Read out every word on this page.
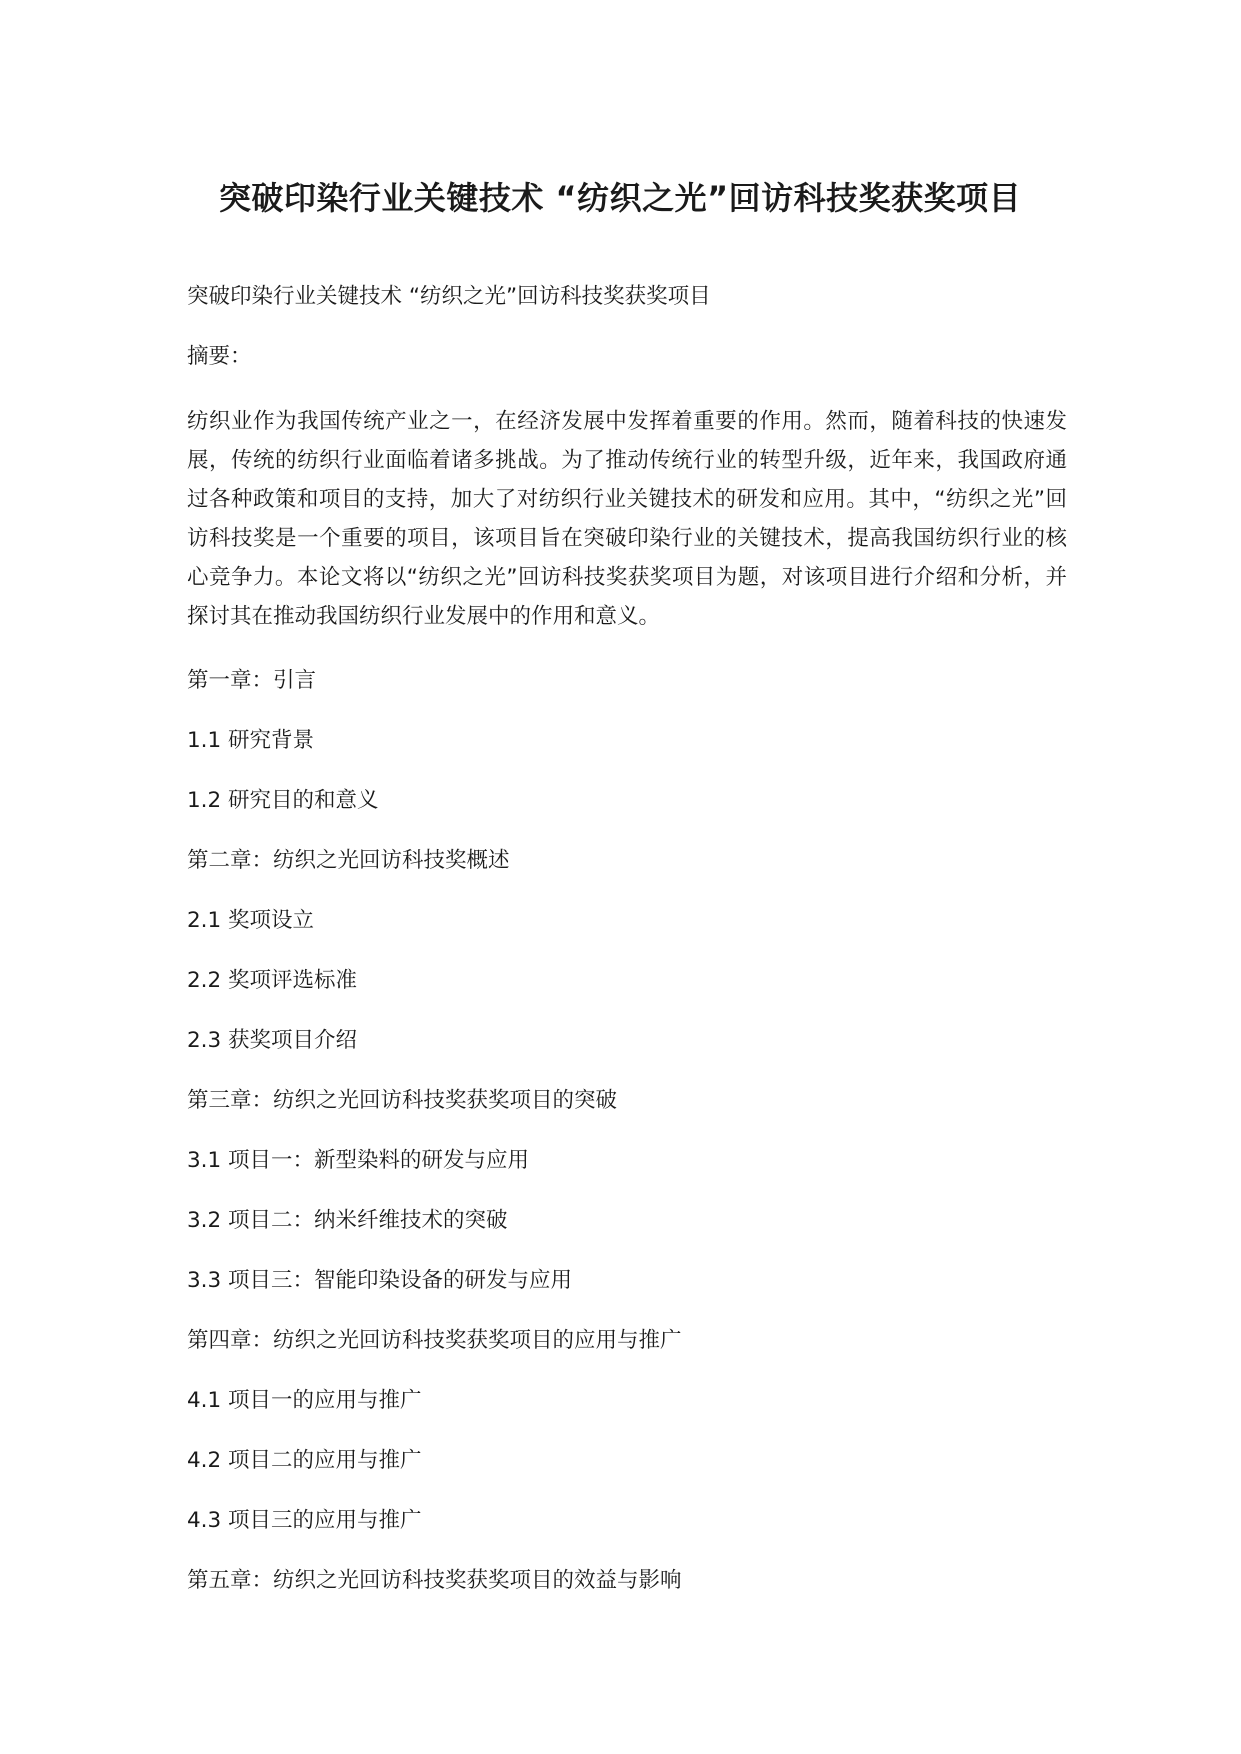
突破印染行业关键技术 “纺织之光”回访科技奖获奖项目

突破印染行业关键技术 “纺织之光”回访科技奖获奖项目

摘要：

纺织业作为我国传统产业之一，在经济发展中发挥着重要的作用。然而，随着科技的快速发展，传统的纺织行业面临着诸多挑战。为了推动传统行业的转型升级，近年来，我国政府通过各种政策和项目的支持，加大了对纺织行业关键技术的研发和应用。其中，“纺织之光”回访科技奖是一个重要的项目，该项目旨在突破印染行业的关键技术，提高我国纺织行业的核心竞争力。本论文将以“纺织之光”回访科技奖获奖项目为题，对该项目进行介绍和分析，并探讨其在推动我国纺织行业发展中的作用和意义。

第一章：引言
1.1 研究背景
1.2 研究目的和意义
第二章：纺织之光回访科技奖概述
2.1 奖项设立
2.2 奖项评选标准
2.3 获奖项目介绍
第三章：纺织之光回访科技奖获奖项目的突破
3.1 项目一：新型染料的研发与应用
3.2 项目二：纳米纤维技术的突破
3.3 项目三：智能印染设备的研发与应用
第四章：纺织之光回访科技奖获奖项目的应用与推广
4.1 项目一的应用与推广
4.2 项目二的应用与推广
4.3 项目三的应用与推广
第五章：纺织之光回访科技奖获奖项目的效益与影响
